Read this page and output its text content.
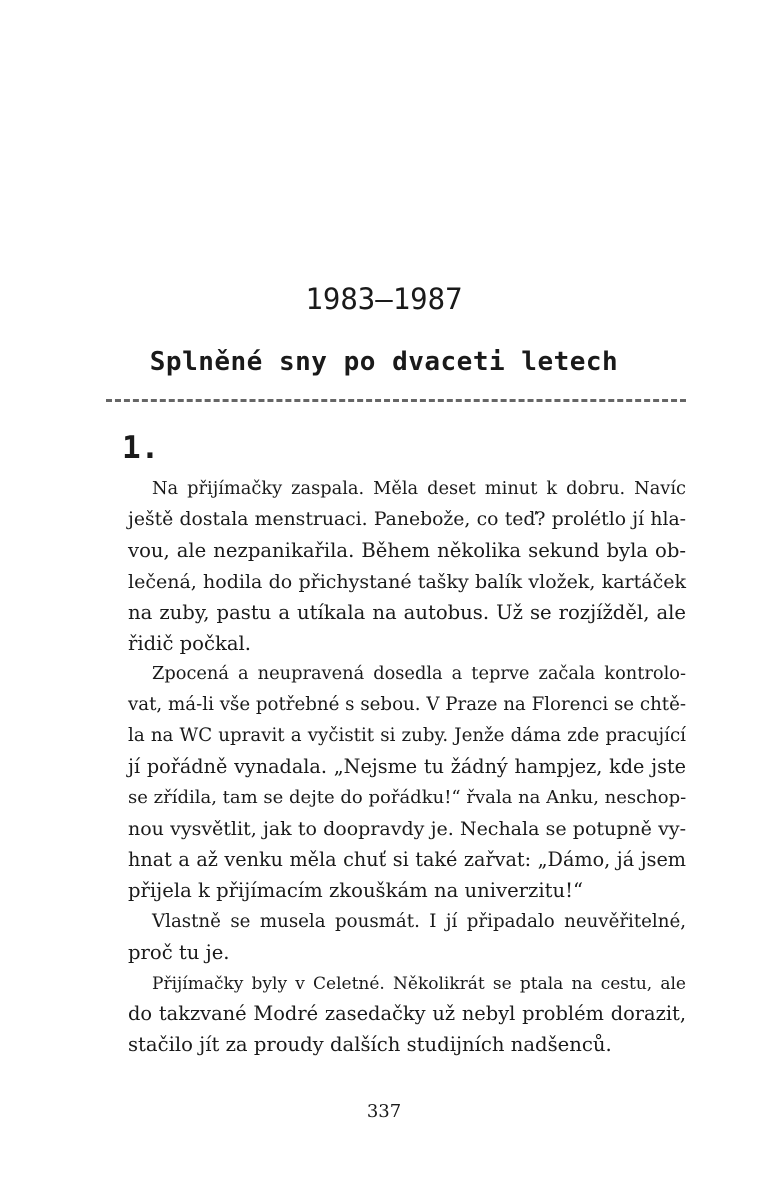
1983–1987
Splněné sny po dvaceti letech
1.

Na přijímačky zaspala. Měla deset minut k dobru. Navíc
ještě dostala menstruaci. Panebože, co teď? prolétlo jí hla-
vou, ale nezpanikařila. Během několika sekund byla ob-
lečená, hodila do přichystané tašky balík vložek, kartáček
na zuby, pastu a utíkala na autobus. Už se rozjížděl, ale
řidič počkal.

Zpocená a neupravená dosedla a teprve začala kontrolo-
vat, má-li vše potřebné s sebou. V Praze na Florenci se chtě-
la na WC upravit a vyčistit si zuby. Jenže dáma zde pracující
jí pořádně vynadala. „Nejsme tu žádný hampjez, kde jste
se zřídila, tam se dejte do pořádku!“ řvala na Anku, neschop-
nou vysvětlit, jak to doopravdy je. Nechala se potupně vy-
hnat a až venku měla chuť si také zařvat: „Dámo, já jsem
přijela k přijímacím zkouškám na univerzitu!“

Vlastně se musela pousmát. I jí připadalo neuvěřitelné,
proč tu je.

Přijímačky byly v Celetné. Několikrát se ptala na cestu, ale
do takzvané Modré zasedačky už nebyl problém dorazit,
stačilo jít za proudy dalších studijních nadšenců.

337
